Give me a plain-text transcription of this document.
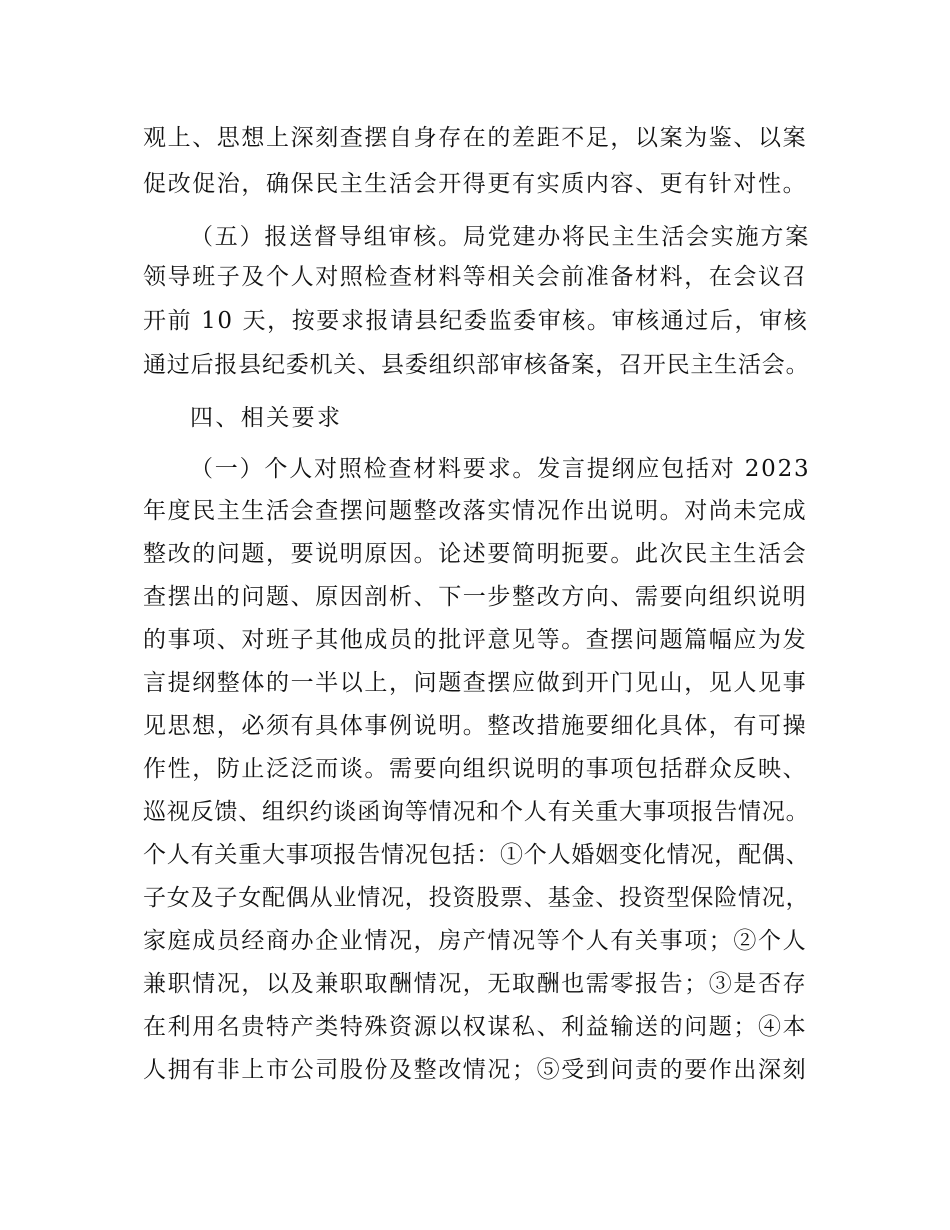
观上、思想上深刻查摆自身存在的差距不足，以案为鉴、以案
促改促治，确保民主生活会开得更有实质内容、更有针对性。
（五）报送督导组审核。局党建办将民主生活会实施方案
领导班子及个人对照检查材料等相关会前准备材料，在会议召
开前 10 天，按要求报请县纪委监委审核。审核通过后，审核
通过后报县纪委机关、县委组织部审核备案，召开民主生活会。
四、相关要求
（一）个人对照检查材料要求。发言提纲应包括对 2023
年度民主生活会查摆问题整改落实情况作出说明。对尚未完成
整改的问题，要说明原因。论述要简明扼要。此次民主生活会
查摆出的问题、原因剖析、下一步整改方向、需要向组织说明
的事项、对班子其他成员的批评意见等。查摆问题篇幅应为发
言提纲整体的一半以上，问题查摆应做到开门见山，见人见事
见思想，必须有具体事例说明。整改措施要细化具体，有可操
作性，防止泛泛而谈。需要向组织说明的事项包括群众反映、
巡视反馈、组织约谈函询等情况和个人有关重大事项报告情况。
个人有关重大事项报告情况包括：①个人婚姻变化情况，配偶、
子女及子女配偶从业情况，投资股票、基金、投资型保险情况，
家庭成员经商办企业情况，房产情况等个人有关事项；②个人
兼职情况，以及兼职取酬情况，无取酬也需零报告；③是否存
在利用名贵特产类特殊资源以权谋私、利益输送的问题；④本
人拥有非上市公司股份及整改情况；⑤受到问责的要作出深刻
